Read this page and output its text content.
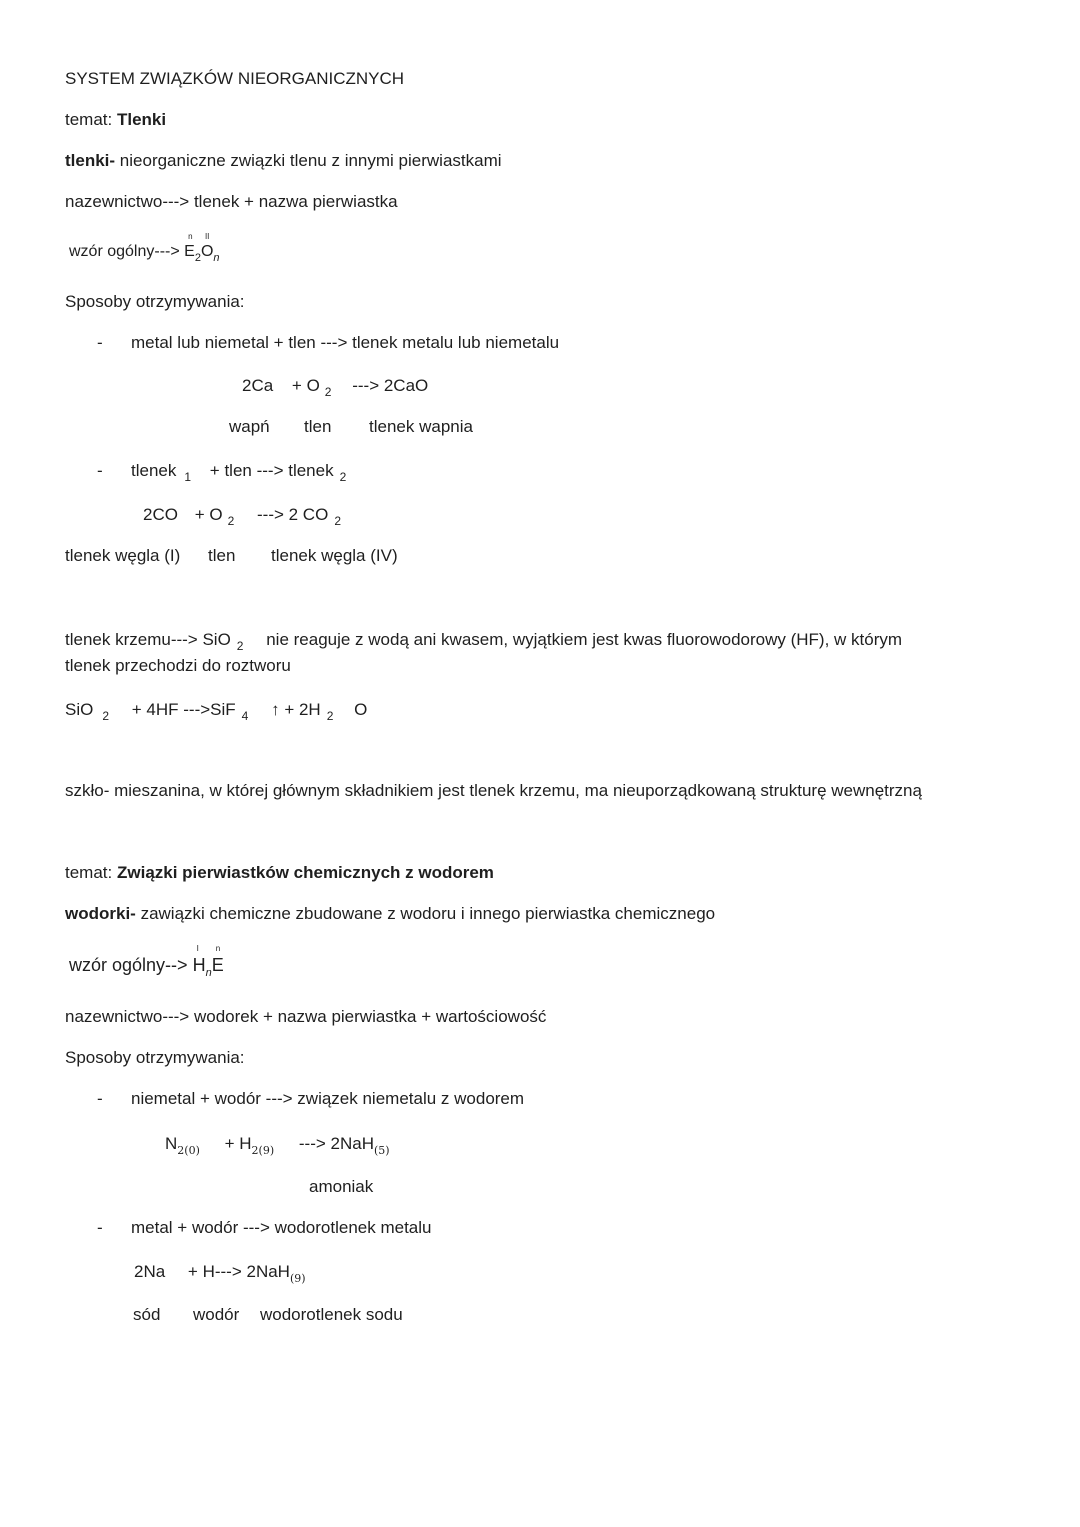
SYSTEM ZWIĄZKÓW NIEORGANICZNYCH
temat: Tlenki
tlenki- nieorganiczne związki tlenu z innymi pierwiastkami
nazewnictwo---> tlenek + nazwa pierwiastka
wzór ogólny--->
n
$E_2$
II
$O_n$
Sposoby otrzymywania:
- metal lub niemetal + tlen ---> tlenek metalu lub niemetalu
2Ca + O $_2$ ---> 2CaO
wapń tlen tlenek wapnia
- tlenek $_1$ + tlen ---> tlenek $_2$
2CO + O $_2$ ---> 2 CO $_2$
tlenek węgla (I) tlen tlenek węgla (IV)
tlenek krzemu---> SiO $_2$ nie reaguje z wodą ani kwasem, wyjątkiem jest kwas fluorowodorowy (HF), w którym
tlenek przechodzi do roztworu
SiO $_2$ + 4HF --->SiF $_4$ ↑ + 2H $_2$ O
szkło- mieszanina, w której głównym składnikiem jest tlenek krzemu, ma nieuporządkowaną strukturę wewnętrzną
temat: Związki pierwiastków chemicznych z wodorem
wodorki- zawiązki chemiczne zbudowane z wodoru i innego pierwiastka chemicznego
wzór ogólny-->
I
$H_n$
n
E
nazewnictwo---> wodorek + nazwa pierwiastka + wartościowość
Sposoby otrzymywania:
- niemetal + wodór ---> związek niemetalu z wodorem
$N_{2(0)} + H_{2(9)}$ ---> 2NaH$_{(5)}$
amoniak
- metal + wodór ---> wodorotlenek metalu
2Na + H---> 2NaH$_{(9)}$
sód wodór wodorotlenek sodu
